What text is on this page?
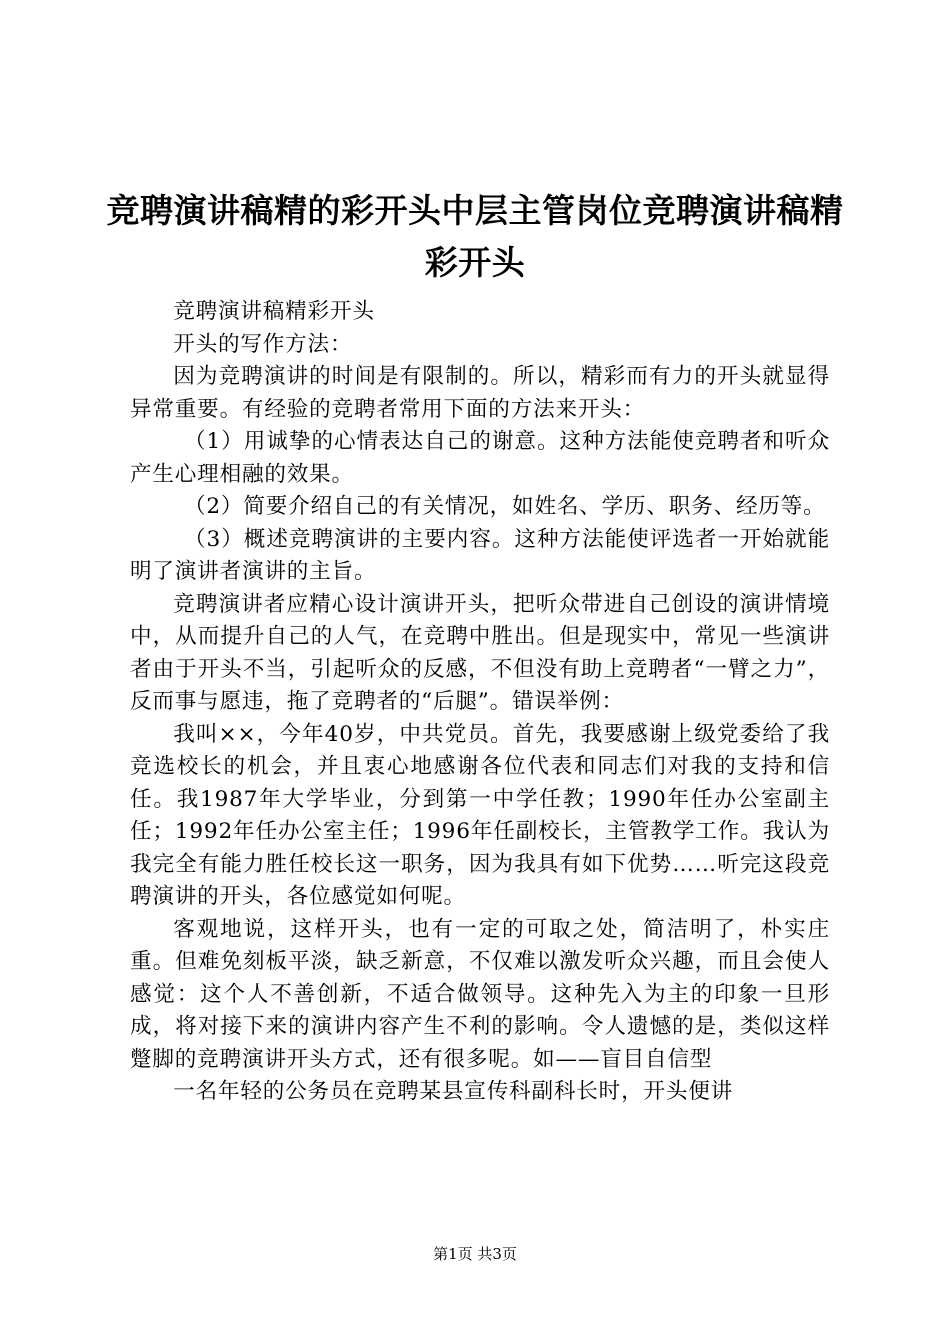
竞聘演讲稿精的彩开头中层主管岗位竞聘演讲稿精彩开头

竞聘演讲稿精彩开头

开头的写作方法：

因为竞聘演讲的时间是有限制的。所以，精彩而有力的开头就显得异常重要。有经验的竞聘者常用下面的方法来开头：

（1）用诚挚的心情表达自己的谢意。这种方法能使竞聘者和听众产生心理相融的效果。

（2）简要介绍自己的有关情况，如姓名、学历、职务、经历等。

（3）概述竞聘演讲的主要内容。这种方法能使评选者一开始就能明了演讲者演讲的主旨。

竞聘演讲者应精心设计演讲开头，把听众带进自己创设的演讲情境中，从而提升自己的人气，在竞聘中胜出。但是现实中，常见一些演讲者由于开头不当，引起听众的反感，不但没有助上竞聘者“一臂之力”，反而事与愿违，拖了竞聘者的“后腿”。错误举例：

我叫××，今年40岁，中共党员。首先，我要感谢上级党委给了我竞选校长的机会，并且衷心地感谢各位代表和同志们对我的支持和信任。我1987年大学毕业，分到第一中学任教；1990年任办公室副主任；1992年任办公室主任；1996年任副校长，主管教学工作。我认为我完全有能力胜任校长这一职务，因为我具有如下优势……听完这段竞聘演讲的开头，各位感觉如何呢。

客观地说，这样开头，也有一定的可取之处，简洁明了，朴实庄重。但难免刻板平淡，缺乏新意，不仅难以激发听众兴趣，而且会使人感觉：这个人不善创新，不适合做领导。这种先入为主的印象一旦形成，将对接下来的演讲内容产生不利的影响。令人遗憾的是，类似这样蹩脚的竞聘演讲开头方式，还有很多呢。如——盲目自信型

一名年轻的公务员在竞聘某县宣传科副科长时，开头便讲

第1页 共3页
